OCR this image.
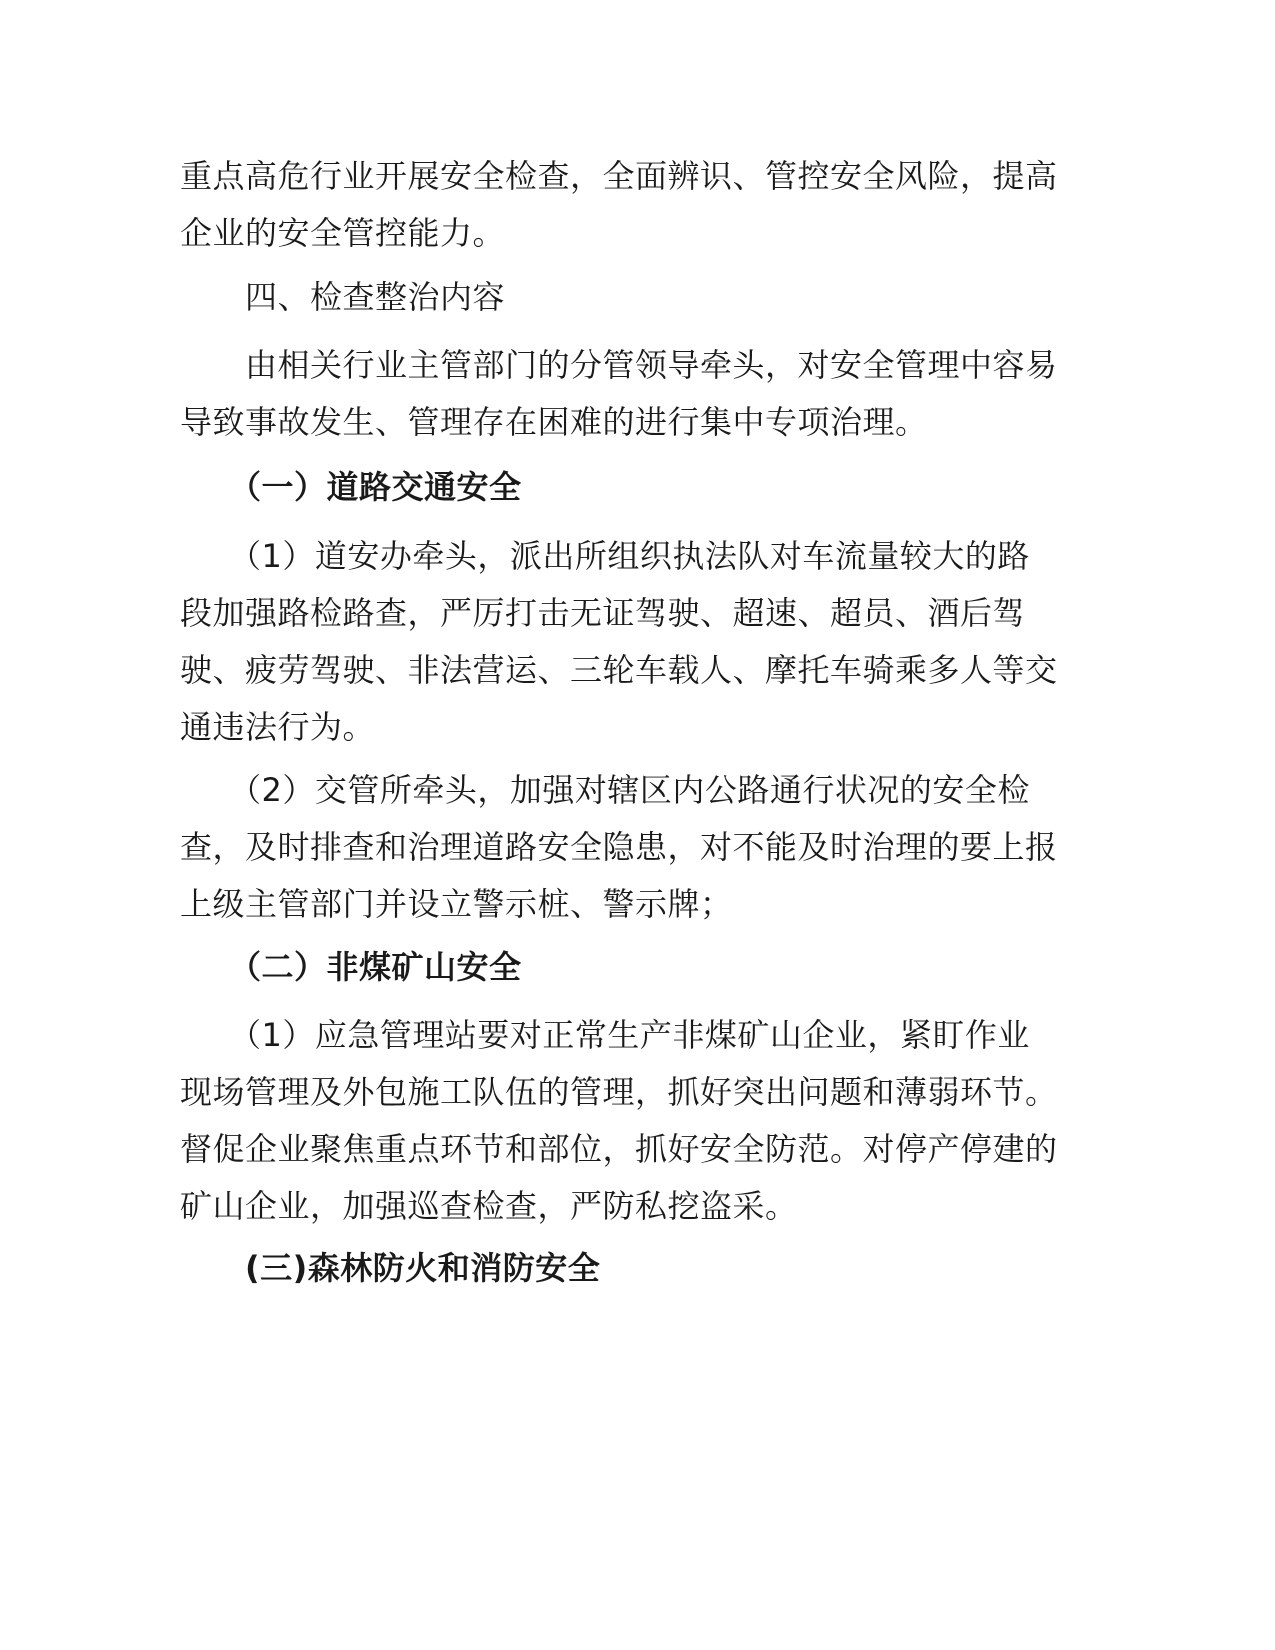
重点高危行业开展安全检查，全面辨识、管控安全风险，提高
企业的安全管控能力。

　　四、检查整治内容

　　由相关行业主管部门的分管领导牵头，对安全管理中容易
导致事故发生、管理存在困难的进行集中专项治理。

　　（一）道路交通安全

　　（1）道安办牵头，派出所组织执法队对车流量较大的路
段加强路检路查，严厉打击无证驾驶、超速、超员、酒后驾
驶、疲劳驾驶、非法营运、三轮车载人、摩托车骑乘多人等交
通违法行为。

　　（2）交管所牵头，加强对辖区内公路通行状况的安全检
查，及时排查和治理道路安全隐患，对不能及时治理的要上报
上级主管部门并设立警示桩、警示牌；

　　（二）非煤矿山安全

　　（1）应急管理站要对正常生产非煤矿山企业，紧盯作业
现场管理及外包施工队伍的管理，抓好突出问题和薄弱环节。
督促企业聚焦重点环节和部位，抓好安全防范。对停产停建的
矿山企业，加强巡查检查，严防私挖盗采。

　　(三)森林防火和消防安全
